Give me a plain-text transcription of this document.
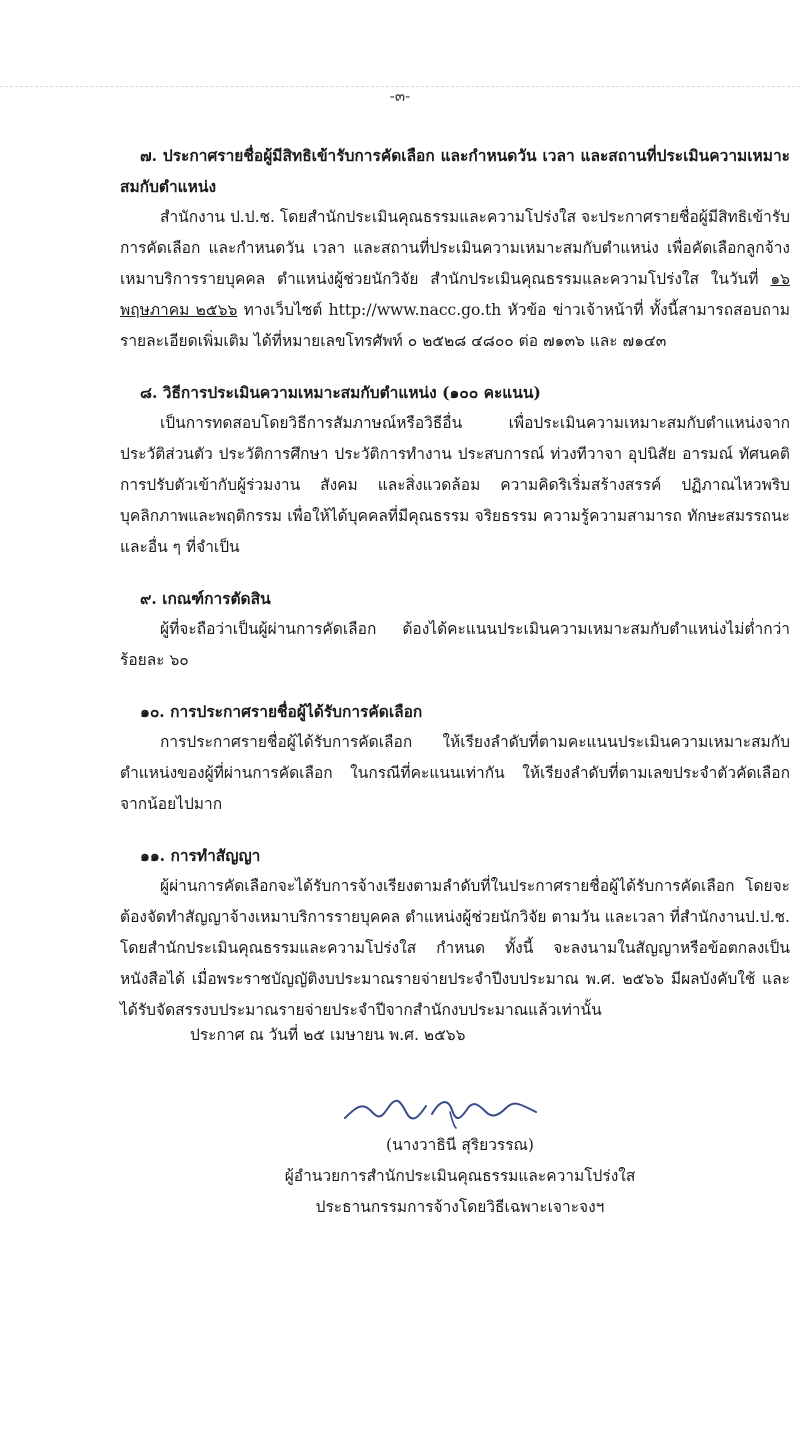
-๓-
๗. ประกาศรายชื่อผู้มีสิทธิเข้ารับการคัดเลือก และกำหนดวัน เวลา และสถานที่ประเมินความเหมาะสมกับตำแหน่ง
สำนักงาน ป.ป.ช. โดยสำนักประเมินคุณธรรมและความโปร่งใส จะประกาศรายชื่อผู้มีสิทธิเข้ารับการคัดเลือก และกำหนดวัน เวลา และสถานที่ประเมินความเหมาะสมกับตำแหน่ง เพื่อคัดเลือกลูกจ้างเหมาบริการรายบุคคล ตำแหน่งผู้ช่วยนักวิจัย สำนักประเมินคุณธรรมและความโปร่งใส ในวันที่ ๑๖ พฤษภาคม ๒๕๖๖ ทางเว็บไซต์ http://www.nacc.go.th หัวข้อ ข่าวเจ้าหน้าที่ ทั้งนี้สามารถสอบถามรายละเอียดเพิ่มเติม ได้ที่หมายเลขโทรศัพท์ ๐ ๒๕๒๘ ๔๘๐๐ ต่อ ๗๑๓๖ และ ๗๑๔๓
๘. วิธีการประเมินความเหมาะสมกับตำแหน่ง (๑๐๐ คะแนน)
เป็นการทดสอบโดยวิธีการสัมภาษณ์หรือวิธีอื่น เพื่อประเมินความเหมาะสมกับตำแหน่งจากประวัติส่วนตัว ประวัติการศึกษา ประวัติการทำงาน ประสบการณ์ ท่วงทีวาจา อุปนิสัย อารมณ์ ทัศนคติ การปรับตัวเข้ากับผู้ร่วมงาน สังคม และสิ่งแวดล้อม ความคิดริเริ่มสร้างสรรค์ ปฏิภาณไหวพริบ บุคลิกภาพและพฤติกรรม เพื่อให้ได้บุคคลที่มีคุณธรรม จริยธรรม ความรู้ความสามารถ ทักษะสมรรถนะ และอื่น ๆ ที่จำเป็น
๙. เกณฑ์การตัดสิน
ผู้ที่จะถือว่าเป็นผู้ผ่านการคัดเลือก ต้องได้คะแนนประเมินความเหมาะสมกับตำแหน่งไม่ต่ำกว่าร้อยละ ๖๐
๑๐. การประกาศรายชื่อผู้ได้รับการคัดเลือก
การประกาศรายชื่อผู้ได้รับการคัดเลือก ให้เรียงลำดับที่ตามคะแนนประเมินความเหมาะสมกับตำแหน่งของผู้ที่ผ่านการคัดเลือก ในกรณีที่คะแนนเท่ากัน ให้เรียงลำดับที่ตามเลขประจำตัวคัดเลือกจากน้อยไปมาก
๑๑. การทำสัญญา
ผู้ผ่านการคัดเลือกจะได้รับการจ้างเรียงตามลำดับที่ในประกาศรายชื่อผู้ได้รับการคัดเลือก โดยจะต้องจัดทำสัญญาจ้างเหมาบริการรายบุคคล ตำแหน่งผู้ช่วยนักวิจัย ตามวัน และเวลา ที่สำนักงานป.ป.ช. โดยสำนักประเมินคุณธรรมและความโปร่งใส กำหนด ทั้งนี้ จะลงนามในสัญญาหรือข้อตกลงเป็นหนังสือได้ เมื่อพระราชบัญญัติงบประมาณรายจ่ายประจำปีงบประมาณ พ.ศ. ๒๕๖๖ มีผลบังคับใช้ และได้รับจัดสรรงบประมาณรายจ่ายประจำปีจากสำนักงบประมาณแล้วเท่านั้น
ประกาศ ณ วันที่ ๒๕ เมษายน พ.ศ. ๒๕๖๖
(นางวาธินี สุริยวรรณ)
ผู้อำนวยการสำนักประเมินคุณธรรมและความโปร่งใส
ประธานกรรมการจ้างโดยวิธีเฉพาะเจาะจงฯ
